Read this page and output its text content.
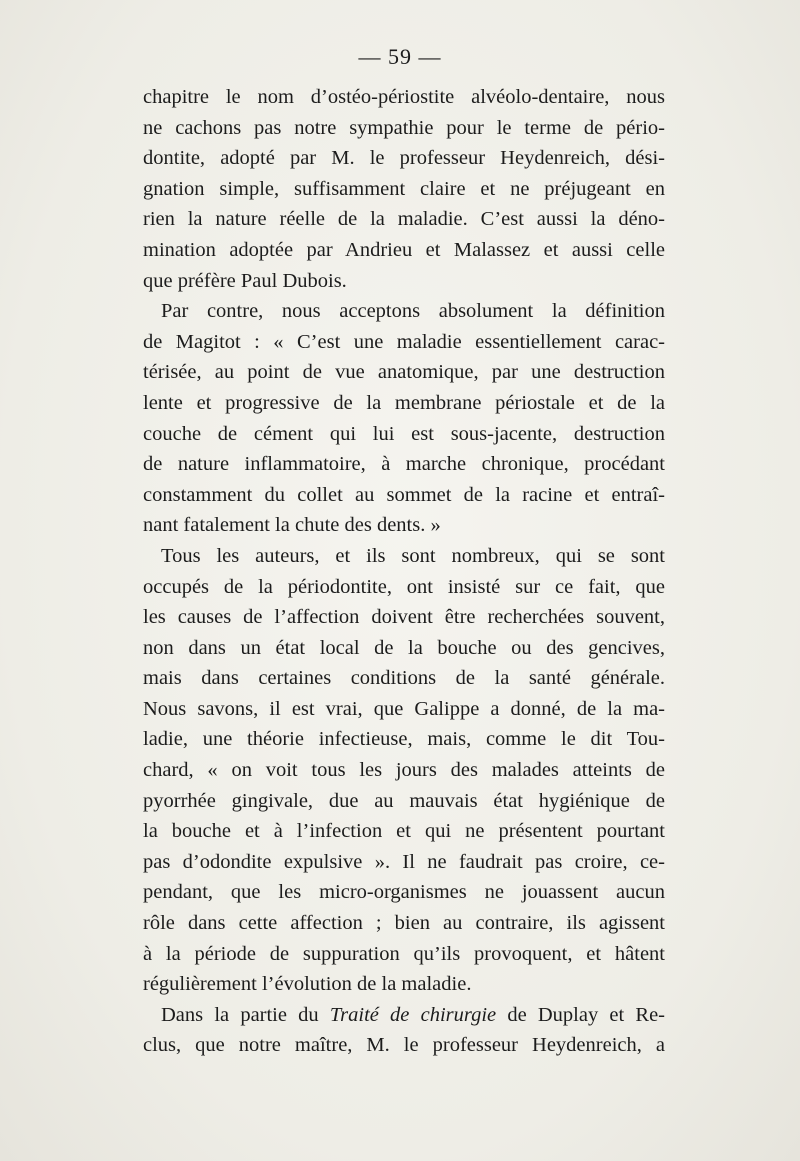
— 59 —
chapitre le nom d’ostéo-périostite alvéolo-dentaire, nous
ne cachons pas notre sympathie pour le terme de pério-
dontite, adopté par M. le professeur Heydenreich, dési-
gnation simple, suffisamment claire et ne préjugeant en
rien la nature réelle de la maladie. C’est aussi la déno-
mination adoptée par Andrieu et Malassez et aussi celle
que préfère Paul Dubois.
Par contre, nous acceptons absolument la définition
de Magitot : « C’est une maladie essentiellement carac-
térisée, au point de vue anatomique, par une destruction
lente et progressive de la membrane périostale et de la
couche de cément qui lui est sous-jacente, destruction
de nature inflammatoire, à marche chronique, procédant
constamment du collet au sommet de la racine et entraî-
nant fatalement la chute des dents. »
Tous les auteurs, et ils sont nombreux, qui se sont
occupés de la périodontite, ont insisté sur ce fait, que
les causes de l’affection doivent être recherchées souvent,
non dans un état local de la bouche ou des gencives,
mais dans certaines conditions de la santé générale.
Nous savons, il est vrai, que Galippe a donné, de la ma-
ladie, une théorie infectieuse, mais, comme le dit Tou-
chard, « on voit tous les jours des malades atteints de
pyorrhée gingivale, due au mauvais état hygiénique de
la bouche et à l’infection et qui ne présentent pourtant
pas d’odondite expulsive ». Il ne faudrait pas croire, ce-
pendant, que les micro-organismes ne jouassent aucun
rôle dans cette affection ; bien au contraire, ils agissent
à la période de suppuration qu’ils provoquent, et hâtent
régulièrement l’évolution de la maladie.
Dans la partie du Traité de chirurgie de Duplay et Re-
clus, que notre maître, M. le professeur Heydenreich, a
